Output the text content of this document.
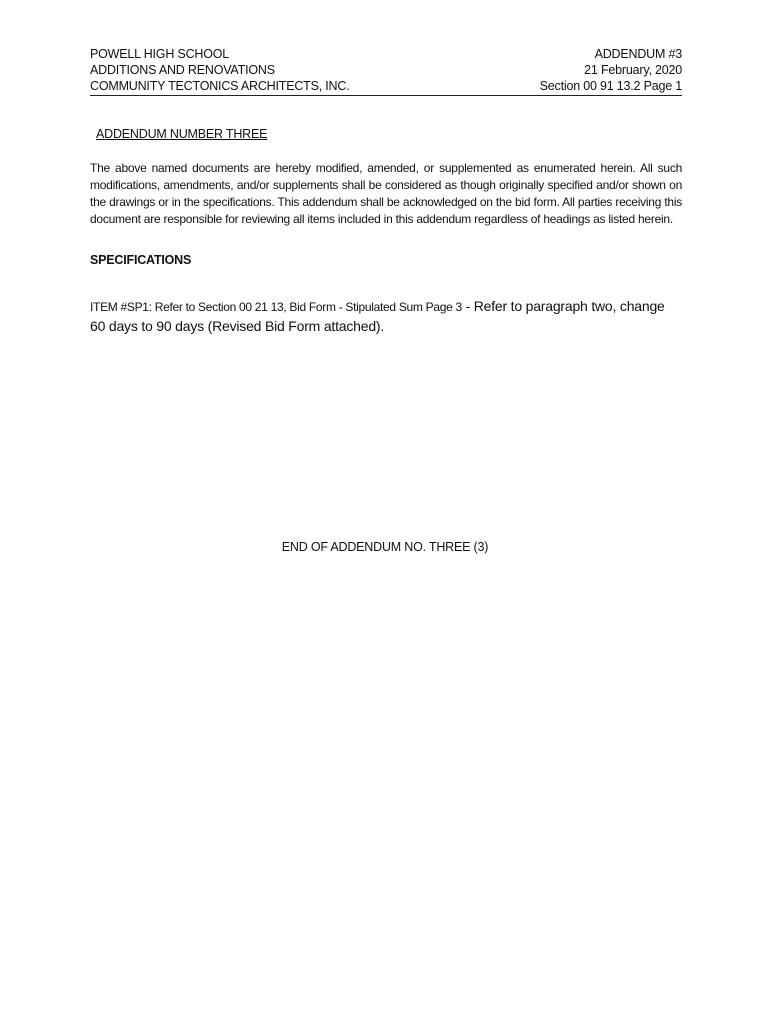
POWELL HIGH SCHOOL
ADDITIONS AND RENOVATIONS
COMMUNITY TECTONICS ARCHITECTS, INC.
ADDENDUM #3
21 February, 2020
Section 00 91 13.2 Page 1
ADDENDUM NUMBER THREE
The above named documents are hereby modified, amended, or supplemented as enumerated herein. All such modifications, amendments, and/or supplements shall be considered as though originally specified and/or shown on the drawings or in the specifications. This addendum shall be acknowledged on the bid form. All parties receiving this document are responsible for reviewing all items included in this addendum regardless of headings as listed herein.
SPECIFICATIONS
ITEM #SP1: Refer to Section 00 21 13, Bid Form - Stipulated Sum Page 3 - Refer to paragraph two, change 60 days to 90 days (Revised Bid Form attached).
END OF ADDENDUM NO. THREE (3)
